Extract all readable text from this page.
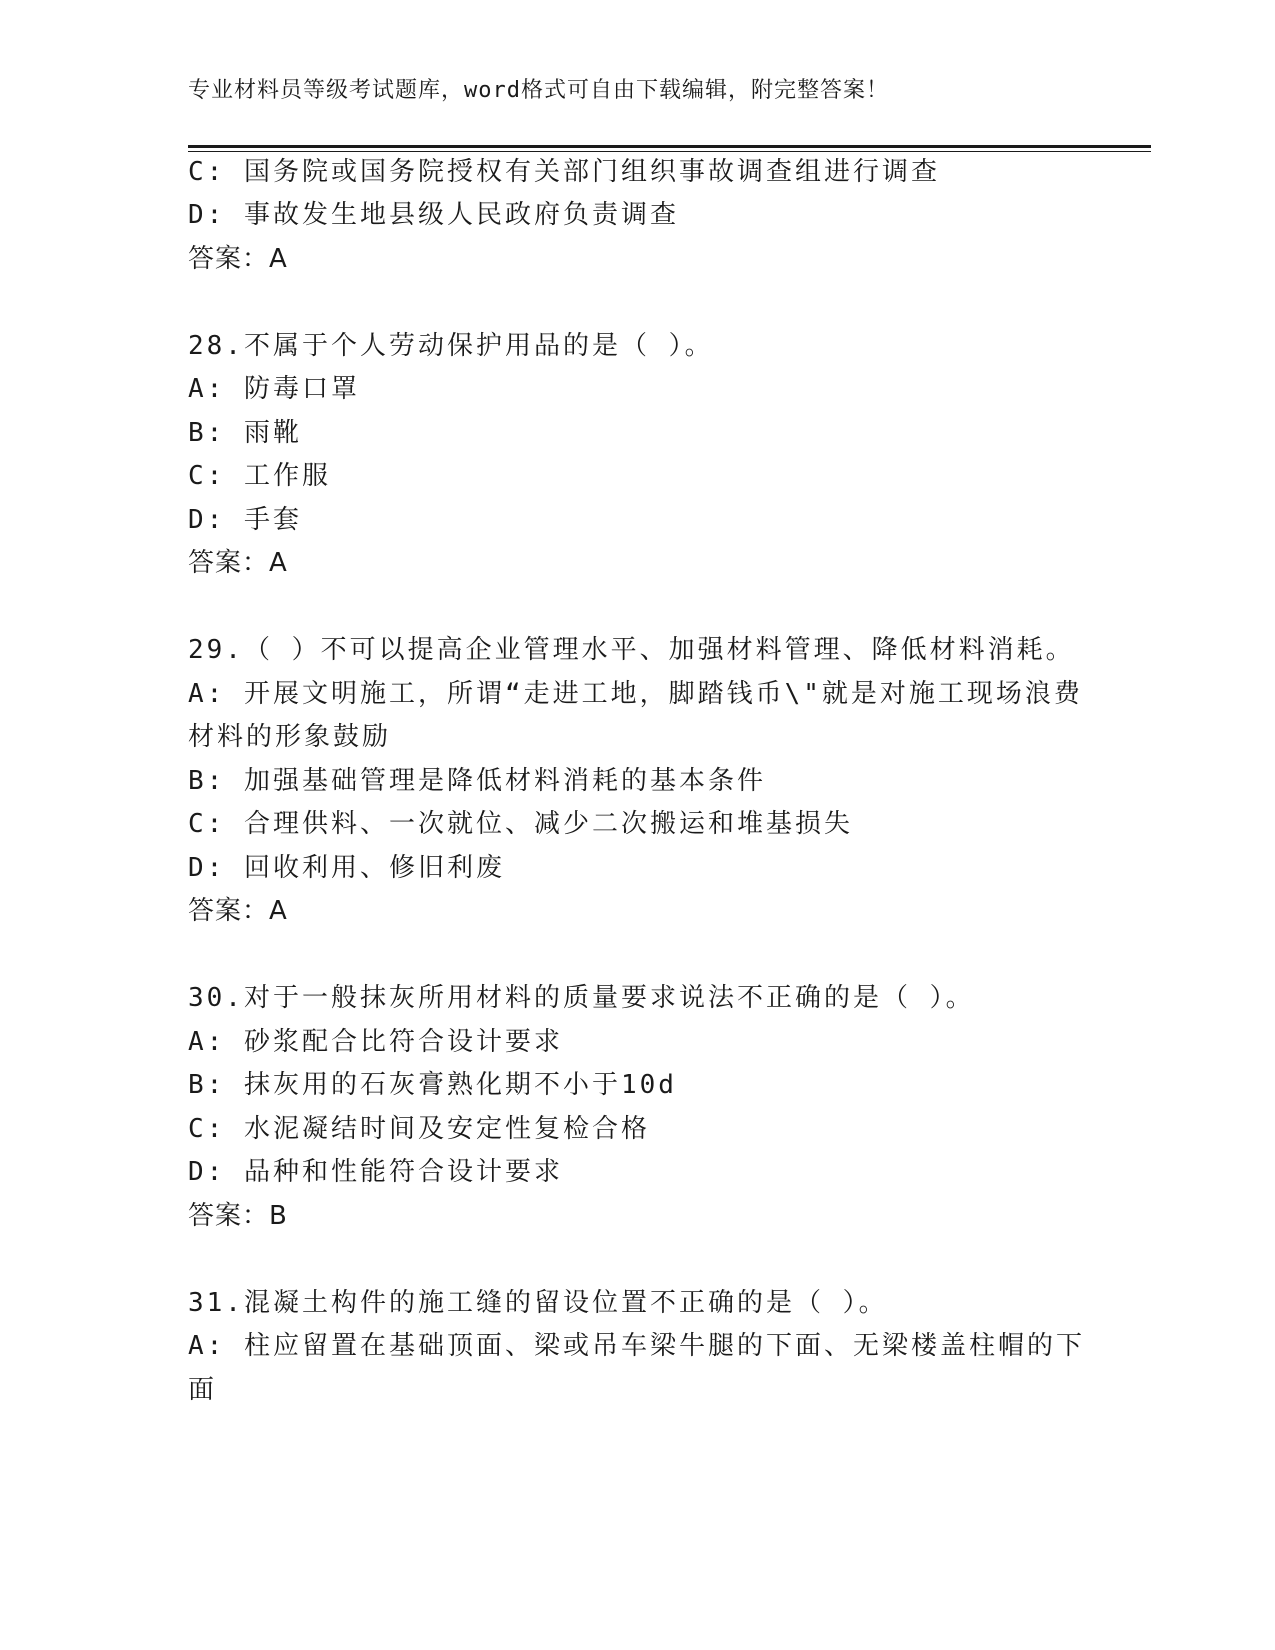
专业材料员等级考试题库，word格式可自由下载编辑，附完整答案！
C: 国务院或国务院授权有关部门组织事故调查组进行调查
D: 事故发生地县级人民政府负责调查
答案：A
28.不属于个人劳动保护用品的是（ ）。
A: 防毒口罩
B: 雨靴
C: 工作服
D: 手套
答案：A
29.（ ）不可以提高企业管理水平、加强材料管理、降低材料消耗。
A: 开展文明施工，所谓“走进工地，脚踏钱币\"就是对施工现场浪费
材料的形象鼓励
B: 加强基础管理是降低材料消耗的基本条件
C: 合理供料、一次就位、减少二次搬运和堆基损失
D: 回收利用、修旧利废
答案：A
30.对于一般抹灰所用材料的质量要求说法不正确的是（ ）。
A: 砂浆配合比符合设计要求
B: 抹灰用的石灰膏熟化期不小于10d
C: 水泥凝结时间及安定性复检合格
D: 品种和性能符合设计要求
答案：B
31.混凝土构件的施工缝的留设位置不正确的是（ ）。
A: 柱应留置在基础顶面、梁或吊车梁牛腿的下面、无梁楼盖柱帽的下
面
